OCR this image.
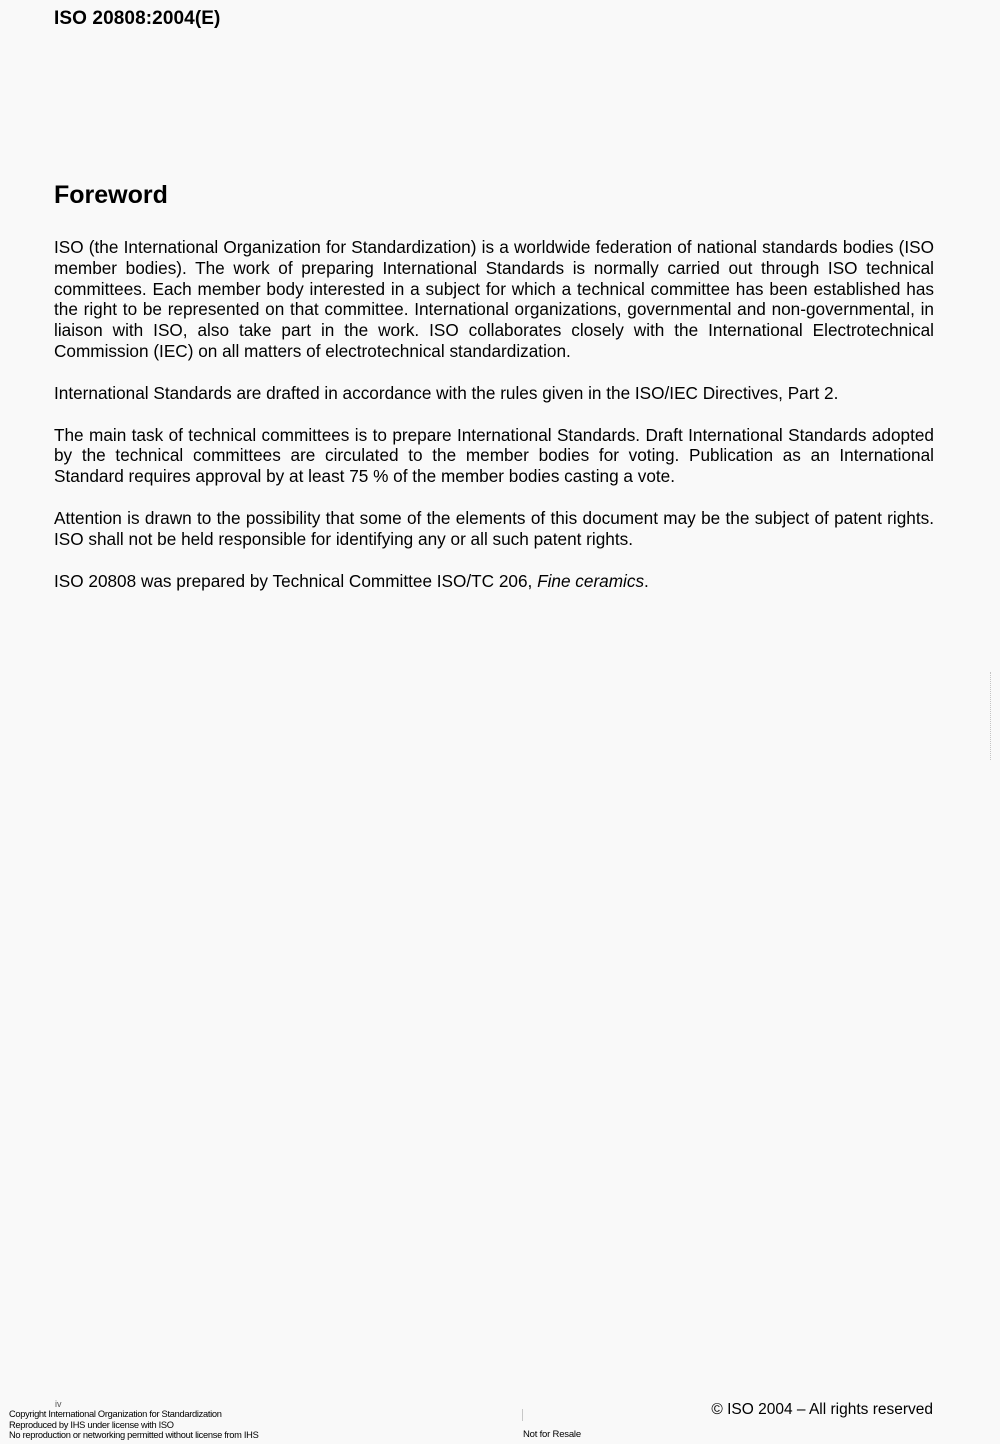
ISO 20808:2004(E)
Foreword

ISO (the International Organization for Standardization) is a worldwide federation of national standards bodies (ISO member bodies). The work of preparing International Standards is normally carried out through ISO technical committees. Each member body interested in a subject for which a technical committee has been established has the right to be represented on that committee. International organizations, governmental and non-governmental, in liaison with ISO, also take part in the work. ISO collaborates closely with the International Electrotechnical Commission (IEC) on all matters of electrotechnical standardization.

International Standards are drafted in accordance with the rules given in the ISO/IEC Directives, Part 2.

The main task of technical committees is to prepare International Standards. Draft International Standards adopted by the technical committees are circulated to the member bodies for voting. Publication as an International Standard requires approval by at least 75 % of the member bodies casting a vote.

Attention is drawn to the possibility that some of the elements of this document may be the subject of patent rights. ISO shall not be held responsible for identifying any or all such patent rights.

ISO 20808 was prepared by Technical Committee ISO/TC 206, Fine ceramics.

iv
Copyright International Organization for Standardization
Reproduced by IHS under license with ISO
No reproduction or networking permitted without license from IHS	Not for Resale
© ISO 2004 – All rights reserved
